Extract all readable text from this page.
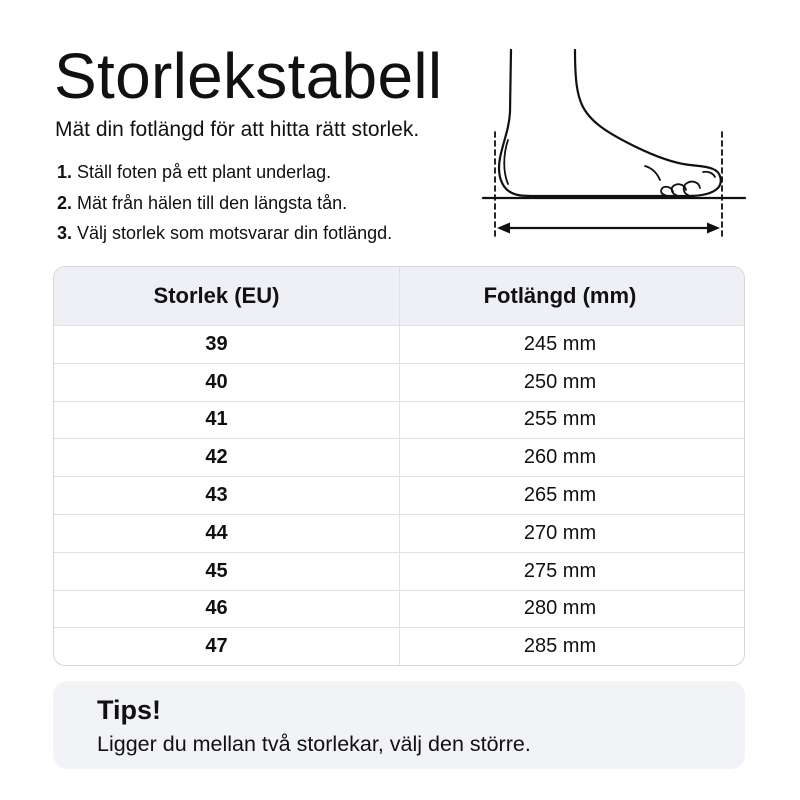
Storlekstabell
Mät din fotlängd för att hitta rätt storlek.
1. Ställ foten på ett plant underlag.
2. Mät från hälen till den längsta tån.
3. Välj storlek som motsvarar din fotlängd.
Storlek (EU)	Fotlängd (mm)
39	245 mm
40	250 mm
41	255 mm
42	260 mm
43	265 mm
44	270 mm
45	275 mm
46	280 mm
47	285 mm
Tips!
Ligger du mellan två storlekar, välj den större.
